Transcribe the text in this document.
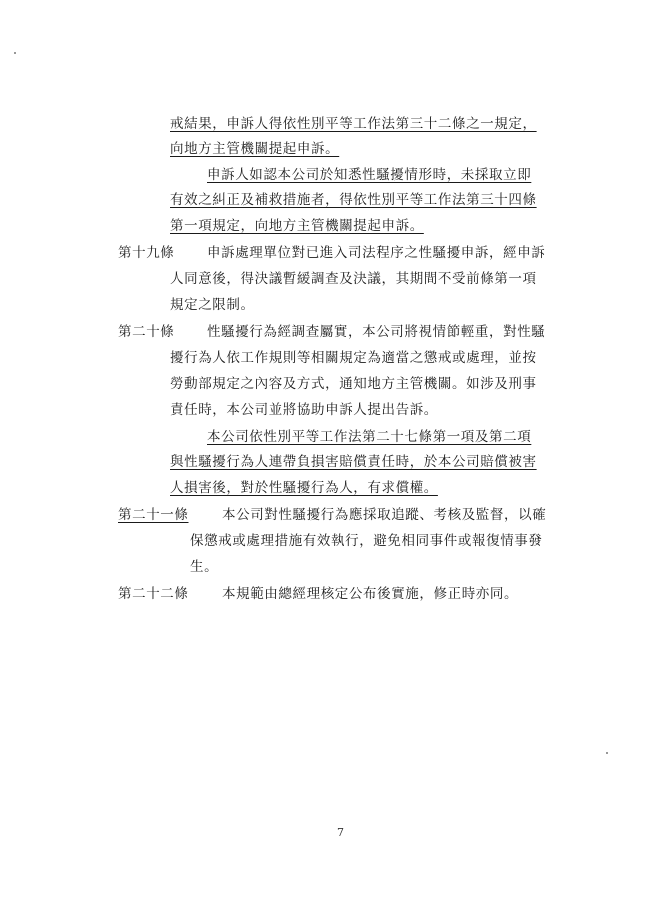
戒結果，申訴人得依性別平等工作法第三十二條之一規定，
向地方主管機關提起申訴。
申訴人如認本公司於知悉性騷擾情形時，未採取立即
有效之糾正及補救措施者，得依性別平等工作法第三十四條
第一項規定，向地方主管機關提起申訴。
第十九條 申訴處理單位對已進入司法程序之性騷擾申訴，經申訴
人同意後，得決議暫緩調查及決議，其期間不受前條第一項
規定之限制。
第二十條 性騷擾行為經調查屬實，本公司將視情節輕重，對性騷
擾行為人依工作規則等相關規定為適當之懲戒或處理，並按
勞動部規定之內容及方式，通知地方主管機關。如涉及刑事
責任時，本公司並將協助申訴人提出告訴。
本公司依性別平等工作法第二十七條第一項及第二項
與性騷擾行為人連帶負損害賠償責任時，於本公司賠償被害
人損害後，對於性騷擾行為人，有求償權。
第二十一條 本公司對性騷擾行為應採取追蹤、考核及監督，以確
保懲戒或處理措施有效執行，避免相同事件或報復情事發
生。
第二十二條 本規範由總經理核定公布後實施，修正時亦同。
7
